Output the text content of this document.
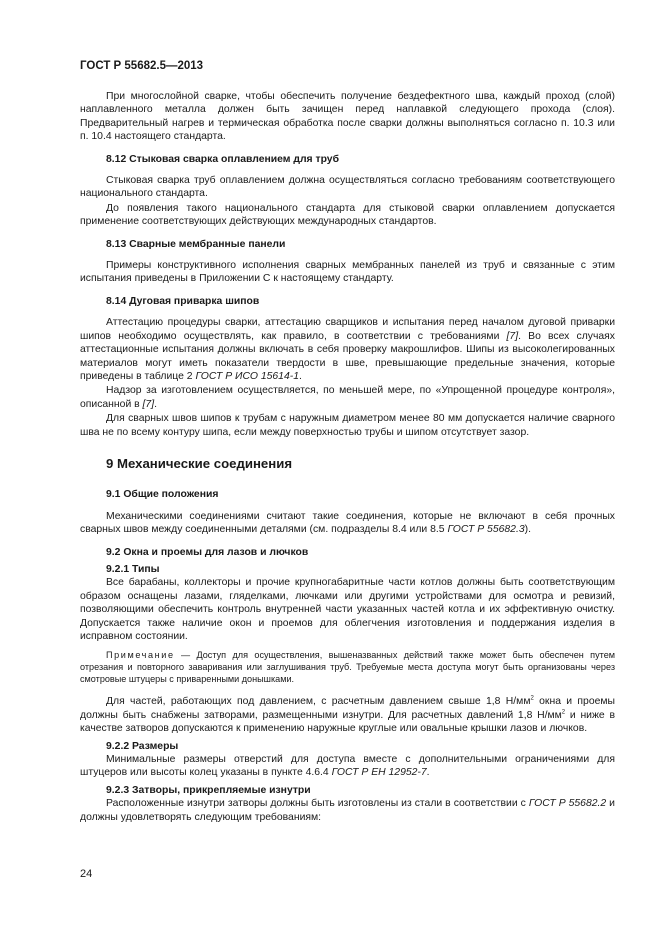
ГОСТ Р 55682.5—2013

При многослойной сварке, чтобы обеспечить получение бездефектного шва, каждый проход (слой) наплавленного металла должен быть зачищен перед наплавкой следующего прохода (слоя). Предварительный нагрев и термическая обработка после сварки должны выполняться согласно п. 10.3 или п. 10.4 настоящего стандарта.

8.12 Стыковая сварка оплавлением для труб

Стыковая сварка труб оплавлением должна осуществляться согласно требованиям соответствующего национального стандарта.

До появления такого национального стандарта для стыковой сварки оплавлением допускается применение соответствующих действующих международных стандартов.

8.13 Сварные мембранные панели

Примеры конструктивного исполнения сварных мембранных панелей из труб и связанные с этим испытания приведены в Приложении С к настоящему стандарту.

8.14 Дуговая приварка шипов

Аттестацию процедуры сварки, аттестацию сварщиков и испытания перед началом дуговой приварки шипов необходимо осуществлять, как правило, в соответствии с требованиями [7]. Во всех случаях аттестационные испытания должны включать в себя проверку макрошлифов. Шипы из высоколегированных материалов могут иметь показатели твердости в шве, превышающие предельные значения, которые приведены в таблице 2 ГОСТ Р ИСО 15614-1.

Надзор за изготовлением осуществляется, по меньшей мере, по «Упрощенной процедуре контроля», описанной в [7].

Для сварных швов шипов к трубам с наружным диаметром менее 80 мм допускается наличие сварного шва не по всему контуру шипа, если между поверхностью трубы и шипом отсутствует зазор.

9 Механические соединения
9.1 Общие положения

Механическими соединениями считают такие соединения, которые не включают в себя прочных сварных швов между соединенными деталями (см. подразделы 8.4 или 8.5 ГОСТ Р 55682.3).

9.2 Окна и проемы для лазов и лючков
9.2.1 Типы

Все барабаны, коллекторы и прочие крупногабаритные части котлов должны быть соответствующим образом оснащены лазами, гляделками, лючками или другими устройствами для осмотра и ревизий, позволяющими обеспечить контроль внутренней части указанных частей котла и их эффективную очистку. Допускается также наличие окон и проемов для облегчения изготовления и поддержания изделия в исправном состоянии.

Примечание — Доступ для осуществления, вышеназванных действий также может быть обеспечен путем отрезания и повторного заваривания или заглушивания труб. Требуемые места доступа могут быть организованы через смотровые штуцеры с приваренными донышками.

Для частей, работающих под давлением, с расчетным давлением свыше 1,8 $Н/мм^2$ окна и проемы должны быть снабжены затворами, размещенными изнутри. Для расчетных давлений 1,8 $Н/мм^2$ и ниже в качестве затворов допускаются к применению наружные круглые или овальные крышки лазов и лючков.

9.2.2 Размеры

Минимальные размеры отверстий для доступа вместе с дополнительными ограничениями для штуцеров или высоты колец указаны в пункте 4.6.4 ГОСТ Р ЕН 12952-7.

9.2.3 Затворы, прикрепляемые изнутри

Расположенные изнутри затворы должны быть изготовлены из стали в соответствии с ГОСТ Р 55682.2 и должны удовлетворять следующим требованиям:

24
